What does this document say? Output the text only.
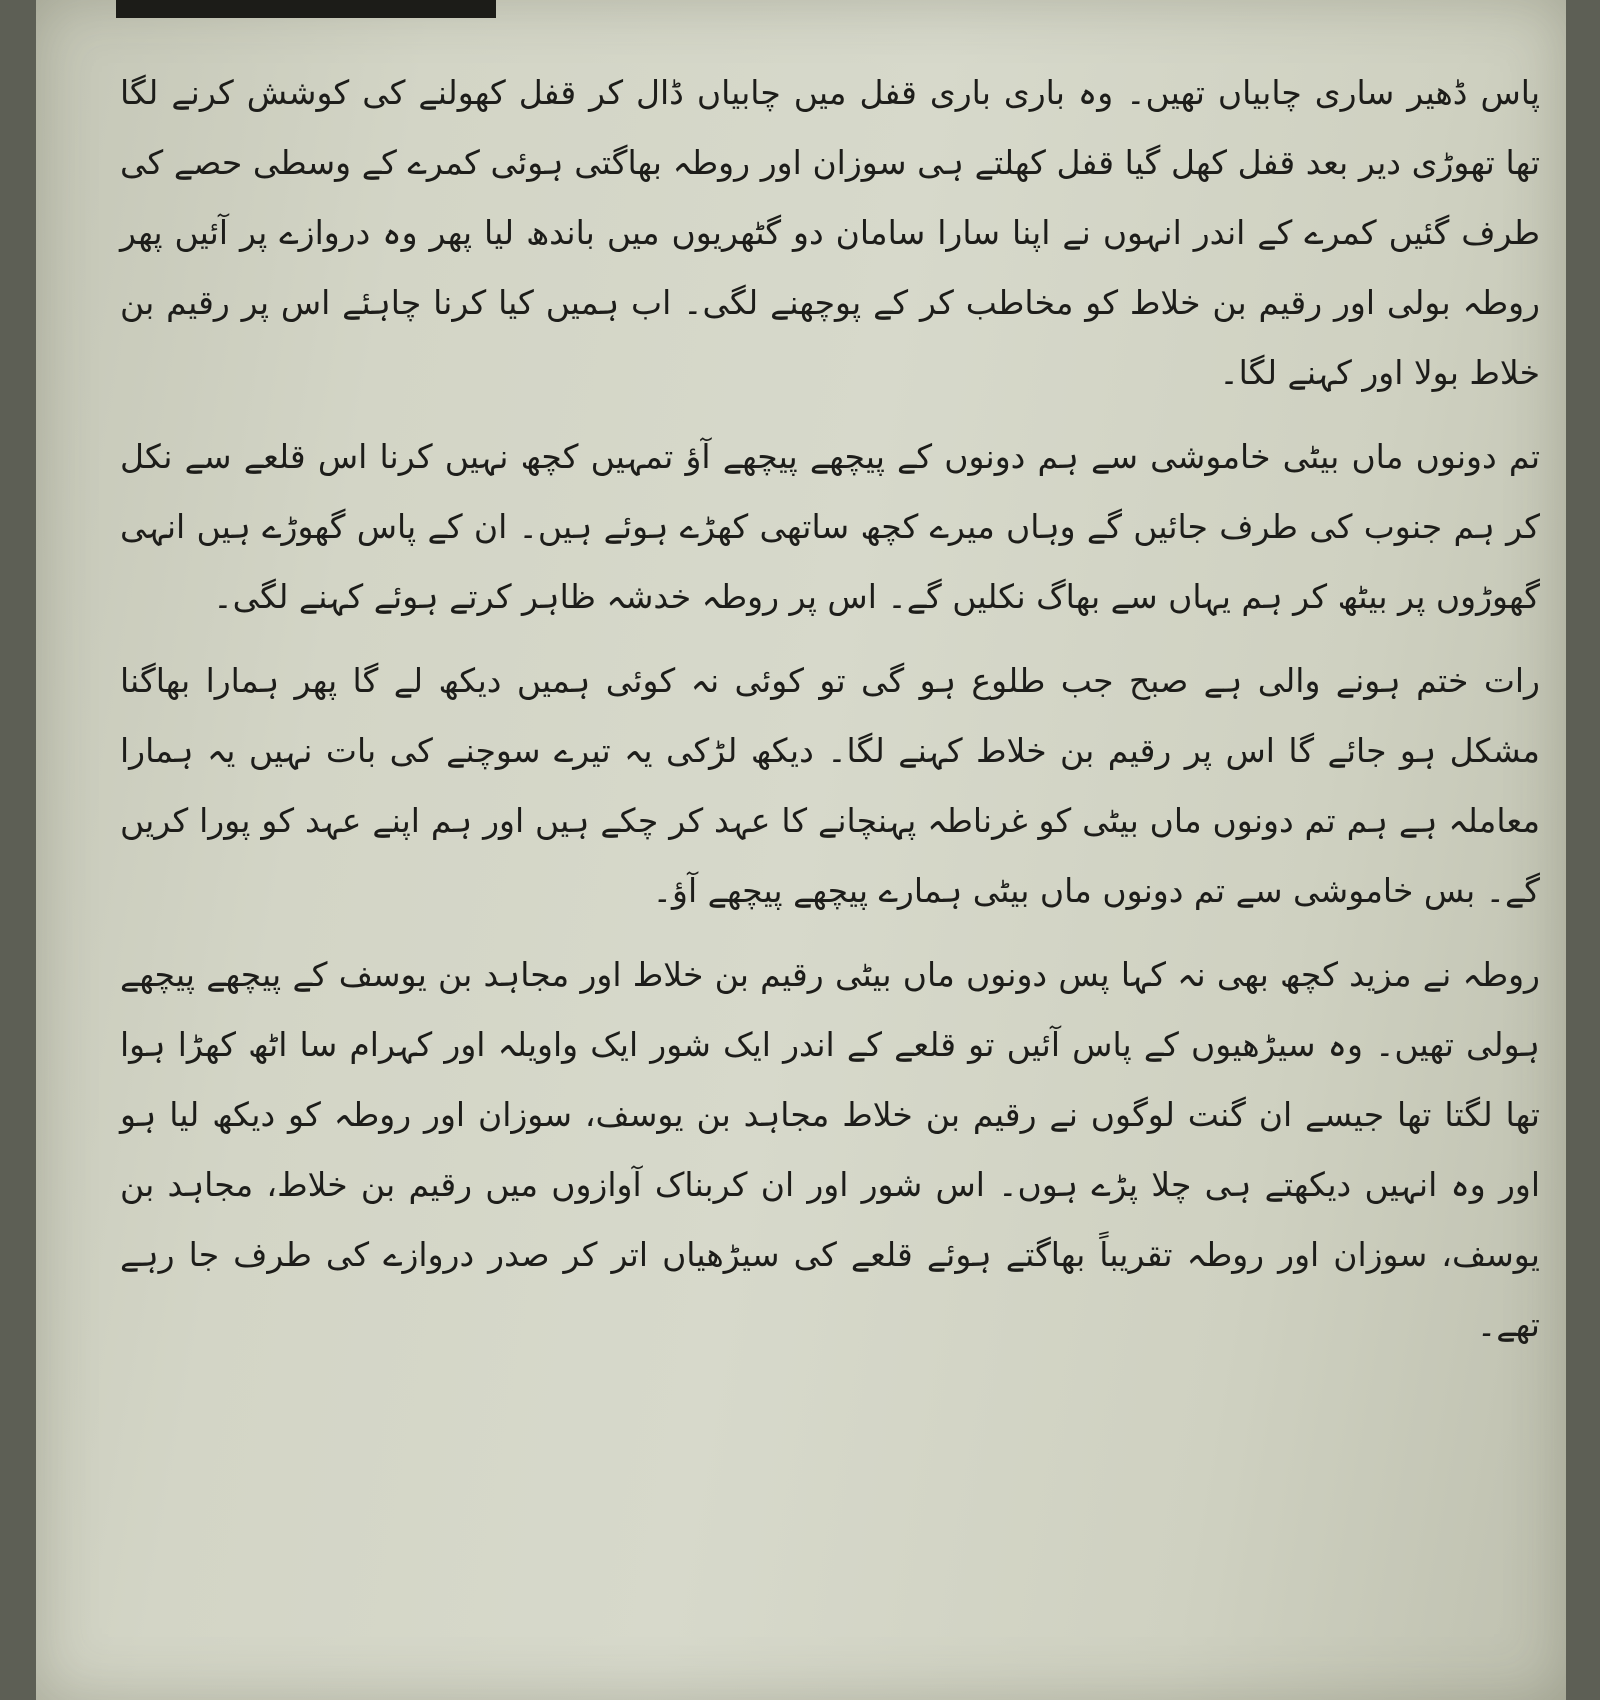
پاس ڈھیر ساری چابیاں تھیں۔ وہ باری باری قفل میں چابیاں ڈال کر قفل کھولنے کی کوشش کرنے لگا تھا تھوڑی دیر بعد قفل کھل گیا قفل کھلتے ہی سوزان اور روطہ بھاگتی ہوئی کمرے کے وسطی حصے کی طرف گئیں کمرے کے اندر انہوں نے اپنا سارا سامان دو گٹھریوں میں باندھ لیا پھر وہ دروازے پر آئیں پھر روطہ بولی اور رقیم بن خلاط کو مخاطب کر کے پوچھنے لگی۔ اب ہمیں کیا کرنا چاہئے اس پر رقیم بن خلاط بولا اور کہنے لگا۔

تم دونوں ماں بیٹی خاموشی سے ہم دونوں کے پیچھے پیچھے آؤ تمہیں کچھ نہیں کرنا اس قلعے سے نکل کر ہم جنوب کی طرف جائیں گے وہاں میرے کچھ ساتھی کھڑے ہوئے ہیں۔ ان کے پاس گھوڑے ہیں انہی گھوڑوں پر بیٹھ کر ہم یہاں سے بھاگ نکلیں گے۔ اس پر روطہ خدشہ ظاہر کرتے ہوئے کہنے لگی۔

رات ختم ہونے والی ہے صبح جب طلوع ہو گی تو کوئی نہ کوئی ہمیں دیکھ لے گا پھر ہمارا بھاگنا مشکل ہو جائے گا اس پر رقیم بن خلاط کہنے لگا۔ دیکھ لڑکی یہ تیرے سوچنے کی بات نہیں یہ ہمارا معاملہ ہے ہم تم دونوں ماں بیٹی کو غرناطہ پہنچانے کا عہد کر چکے ہیں اور ہم اپنے عہد کو پورا کریں گے۔ بس خاموشی سے تم دونوں ماں بیٹی ہمارے پیچھے پیچھے آؤ۔

روطہ نے مزید کچھ بھی نہ کہا پس دونوں ماں بیٹی رقیم بن خلاط اور مجاہد بن یوسف کے پیچھے پیچھے ہولی تھیں۔ وہ سیڑھیوں کے پاس آئیں تو قلعے کے اندر ایک شور ایک واویلہ اور کہرام سا اٹھ کھڑا ہوا تھا لگتا تھا جیسے ان گنت لوگوں نے رقیم بن خلاط مجاہد بن یوسف، سوزان اور روطہ کو دیکھ لیا ہو اور وہ انہیں دیکھتے ہی چلا پڑے ہوں۔ اس شور اور ان کربناک آوازوں میں رقیم بن خلاط، مجاہد بن یوسف، سوزان اور روطہ تقریباً بھاگتے ہوئے قلعے کی سیڑھیاں اتر کر صدر دروازے کی طرف جا رہے تھے۔
